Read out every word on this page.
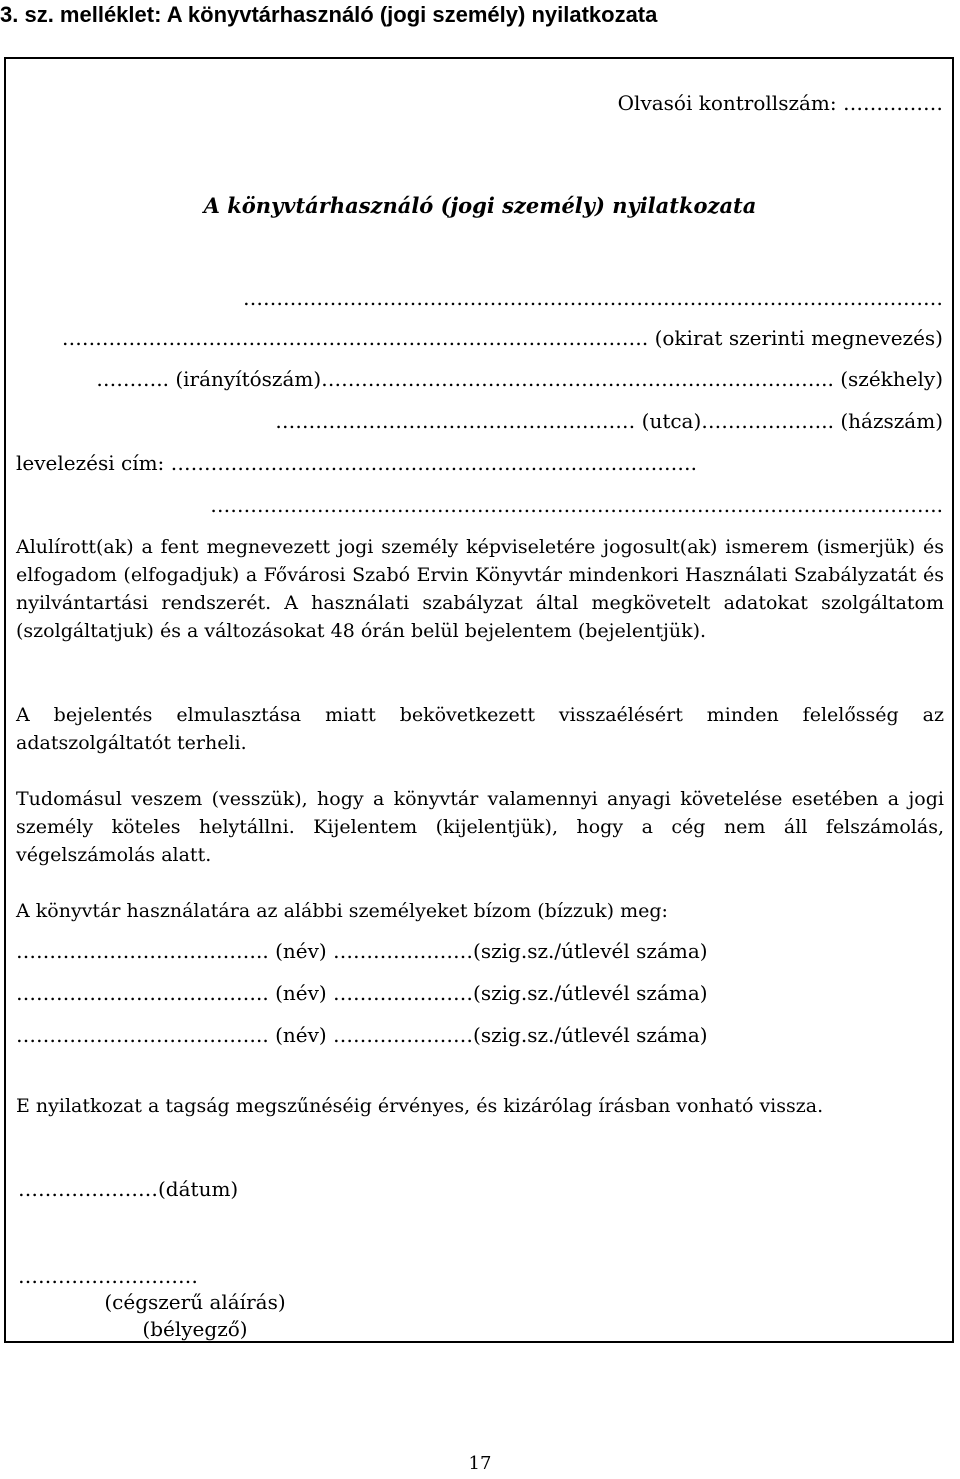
3. sz. melléklet: A könyvtárhasználó (jogi személy) nyilatkozata
Olvasói kontrollszám: ……………
A könyvtárhasználó (jogi személy) nyilatkozata
……………………………………………………………………………………………
……………………………………………………………………………. (okirat szerinti megnevezés)
……….. (irányítószám)………………………………………………………………….. (székhely)
……………………………………………… (utca)……………….. (házszám)
levelezési cím: …………………………………………………………………….
………………………………………………………………………………………………..
Alulírott(ak) a fent megnevezett jogi személy képviseletére jogosult(ak) ismerem (ismerjük) és elfogadom (elfogadjuk) a Fővárosi Szabó Ervin Könyvtár mindenkori Használati Szabályzatát és nyilvántartási rendszerét. A használati szabályzat által megkövetelt adatokat szolgáltatom (szolgáltatjuk) és a változásokat 48 órán belül bejelentem (bejelentjük).
A bejelentés elmulasztása miatt bekövetkezett visszaélésért minden felelősség az adatszolgáltatót terheli.
Tudomásul veszem (vesszük), hogy a könyvtár valamennyi anyagi követelése esetében a jogi személy köteles helytállni. Kijelentem (kijelentjük), hogy a cég nem áll felszámolás, végelszámolás alatt.
A könyvtár használatára az alábbi személyeket bízom (bízzuk) meg:
……………………………….. (név) …………………(szig.sz./útlevél száma)
……………………………….. (név) …………………(szig.sz./útlevél száma)
……………………………….. (név) …………………(szig.sz./útlevél száma)
E nyilatkozat a tagság megszűnéséig érvényes, és kizárólag írásban vonható vissza.
…………………(dátum)
………………………
(cégszerű aláírás)
(bélyegző)
17
